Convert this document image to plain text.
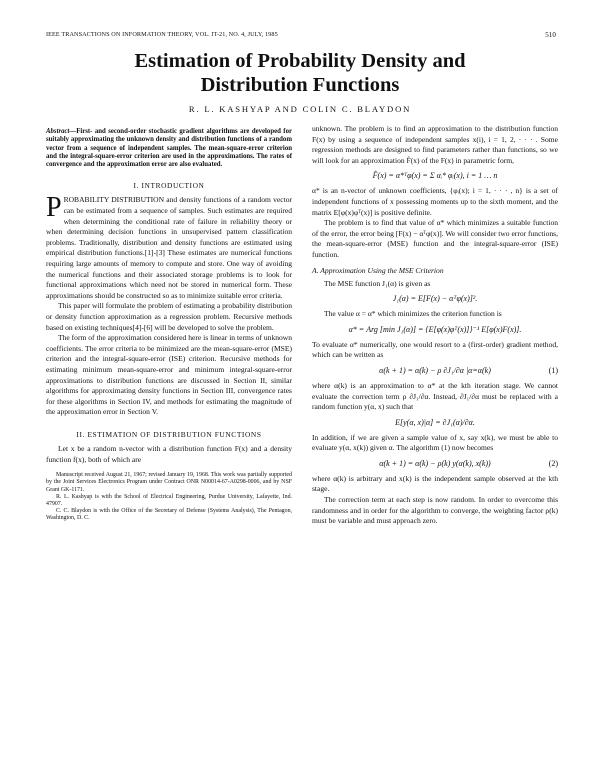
IEEE TRANSACTIONS ON INFORMATION THEORY, VOL. IT-21, NO. 4, JULY, 1985	510
Estimation of Probability Density and
Distribution Functions
R. L. KASHYAP AND COLIN C. BLAYDON
Abstract—First- and second-order stochastic gradient algorithms are developed for suitably approximating the unknown density and distribution functions of a random vector from a sequence of independent samples. The mean-square-error criterion and the integral-square-error criterion are used in the approximations. The rates of convergence and the approximation error are also evaluated.
I. INTRODUCTION

PROBABILITY DISTRIBUTION and density functions of a random vector can be estimated from a sequence of samples. Such estimates are required when determining the conditional rate of failure in reliability theory or when determining decision functions in unsupervised pattern classification problems. Traditionally, distribution and density functions are estimated using empirical distribution functions.[1]-[3] These estimates are numerical functions requiring large amounts of memory to compute and store. One way of avoiding the numerical functions and their associated storage problems is to look for functional approximations which need not be stored in numerical form. These approximations should be constructed so as to minimize suitable error criteria.

This paper will formulate the problem of estimating a probability distribution or density function approximation as a regression problem. Recursive methods based on existing techniques[4]-[6] will be developed to solve the problem.

The form of the approximation considered here is linear in terms of unknown coefficients. The error criteria to be minimized are the mean-square-error (MSE) criterion and the integral-square-error (ISE) criterion. Recursive methods for estimating minimum mean-square-error and minimum integral-square-error approximations to distribution functions are discussed in Section II, similar algorithms for approximating density functions in Section III, convergence rates for these algorithms in Section IV, and methods for estimating the magnitude of the approximation error in Section V.

II. ESTIMATION OF DISTRIBUTION FUNCTIONS

Let x be a random n-vector with a distribution function F(x) and a density function f(x), both of which are

Manuscript received August 21, 1967; revised January 19, 1968. This work was partially supported by the Joint Services Electronics Program under Contract ONR N00014-67-A0298-0006, and by NSF Grant GK-1171.

R. L. Kashyap is with the School of Electrical Engineering, Purdue University, Lafayette, Ind. 47907.

C. C. Blaydon is with the Office of the Secretary of Defense (Systems Analysis), The Pentagon, Washington, D. C.

unknown. The problem is to find an approximation to the distribution function F(x) by using a sequence of independent samples x(i), i = 1, 2, · · · . Some regression methods are designed to find parameters rather than functions, so we will look for an approximation F̂(x) of the F(x) in parametric form,

F̂(x) = α*ᵀφ(x) = Σ αᵢ* φᵢ(x), i = 1 … n

α* is an n-vector of unknown coefficients, {φᵢ(x); i = 1, · · · , n} is a set of independent functions of x possessing moments up to the sixth moment, and the matrix E[φ(x)φᵀ(x)] is positive definite.

The problem is to find that value of α* which minimizes a suitable function of the error, the error being [F(x) − αᵀφ(x)]. We will consider two error functions, the mean-square-error (MSE) function and the integral-square-error (ISE) function.

A. Approximation Using the MSE Criterion

The MSE function J₁(α) is given as

J₁(α) = E[F(x) − αᵀφ(x)]².

The value α = α* which minimizes the criterion function is

α* = Arg [min J₁(α)] = {E[φ(x)φᵀ(x)]}⁻¹ E[φ(x)F(x)].

To evaluate α* numerically, one would resort to a (first-order) gradient method, which can be written as

α(k + 1) = α(k) − ρ ∂J₁/∂α |α=α(k)	(1)

where α(k) is an approximation to α* at the kth iteration stage. We cannot evaluate the correction term ρ ∂J₁/∂α. Instead, ∂J₁/∂α must be replaced with a random function y(α, x) such that

E[y(α, x)|α] = ∂J₁(α)/∂α.

In addition, if we are given a sample value of x, say x(k), we must be able to evaluate y(α, x(k)) given α. The algorithm (1) now becomes

α(k + 1) = α(k) − ρ(k) y(α(k), x(k))	(2)

where α(k) is arbitrary and x(k) is the independent sample observed at the kth stage.

The correction term at each step is now random. In order to overcome this randomness and in order for the algorithm to converge, the weighting factor ρ(k) must be variable and must approach zero.
